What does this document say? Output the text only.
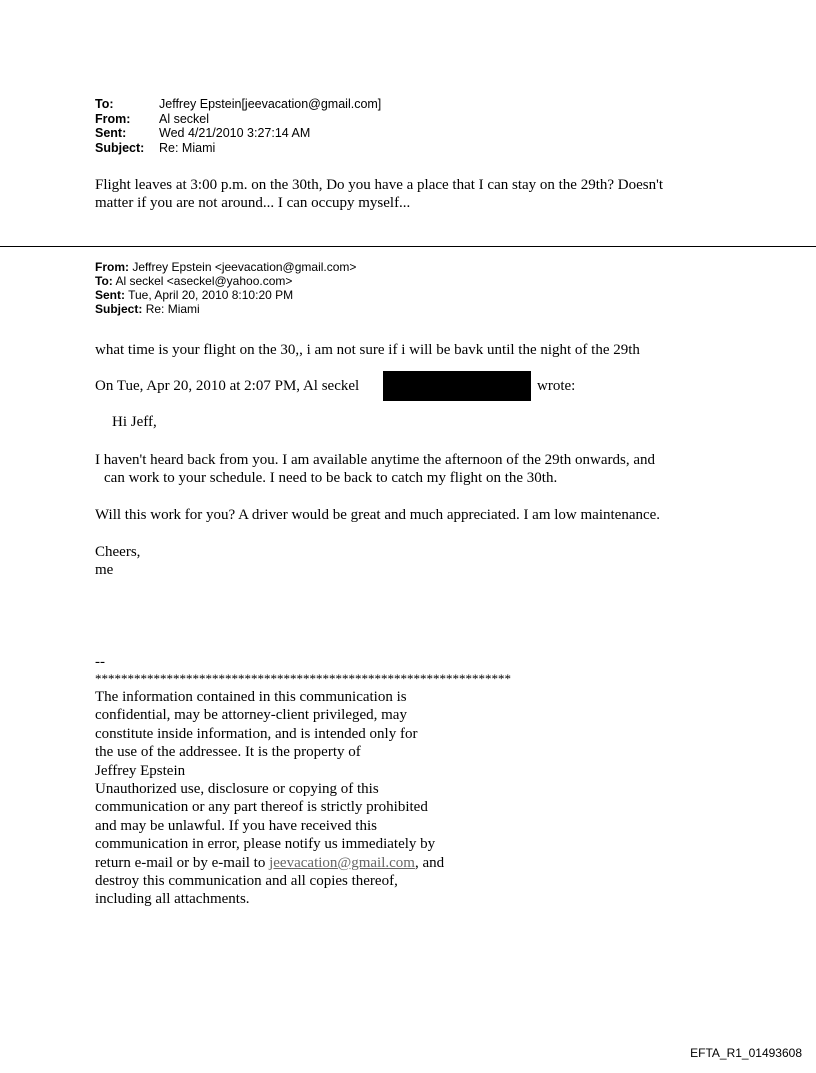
To:	Jeffrey Epstein[jeevacation@gmail.com]
From:	Al seckel
Sent:	Wed 4/21/2010 3:27:14 AM
Subject:	Re: Miami
Flight leaves at 3:00 p.m. on the 30th, Do you have a place that I can stay on the 29th? Doesn't
matter if you are not around... I can occupy myself...
From: Jeffrey Epstein <jeevacation@gmail.com>
To: Al seckel <aseckel@yahoo.com>
Sent: Tue, April 20, 2010 8:10:20 PM
Subject: Re: Miami
what time is your flight on the 30,, i am not sure if i will be bavk until the night of the 29th
On Tue, Apr 20, 2010 at 2:07 PM, Al seckel	wrote:
Hi Jeff,
I haven't heard back from you. I am available anytime the afternoon of the 29th onwards, and
can work to your schedule. I need to be back to catch my flight on the 30th.
Will this work for you? A driver would be great and much appreciated. I am low maintenance.
Cheers,
me
--
****************************************************************
The information contained in this communication is
confidential, may be attorney-client privileged, may
constitute inside information, and is intended only for
the use of the addressee. It is the property of
Jeffrey Epstein
Unauthorized use, disclosure or copying of this
communication or any part thereof is strictly prohibited
and may be unlawful. If you have received this
communication in error, please notify us immediately by
return e-mail or by e-mail to jeevacation@gmail.com, and
destroy this communication and all copies thereof,
including all attachments.
EFTA_R1_01493608
